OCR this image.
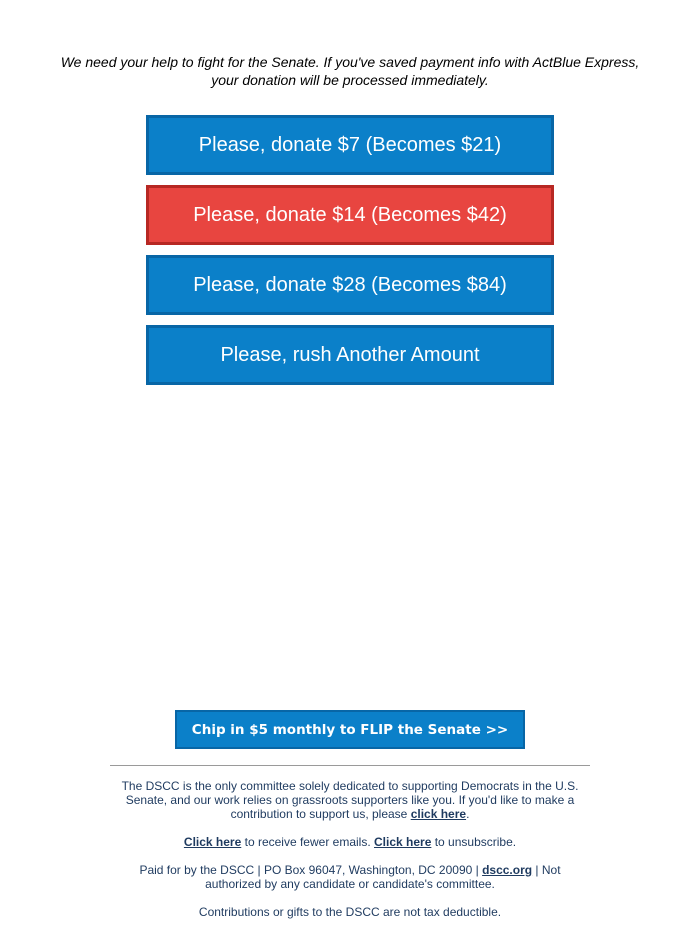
We need your help to fight for the Senate. If you've saved payment info with ActBlue Express,
your donation will be processed immediately.
Please, donate $7 (Becomes $21)
Please, donate $14 (Becomes $42)
Please, donate $28 (Becomes $84)
Please, rush Another Amount
Chip in $5 monthly to FLIP the Senate >>
The DSCC is the only committee solely dedicated to supporting Democrats in the U.S. Senate, and our work relies on grassroots supporters like you. If you'd like to make a contribution to support us, please click here.
Click here to receive fewer emails. Click here to unsubscribe.
Paid for by the DSCC | PO Box 96047, Washington, DC 20090 | dscc.org | Not authorized by any candidate or candidate's committee.
Contributions or gifts to the DSCC are not tax deductible.
